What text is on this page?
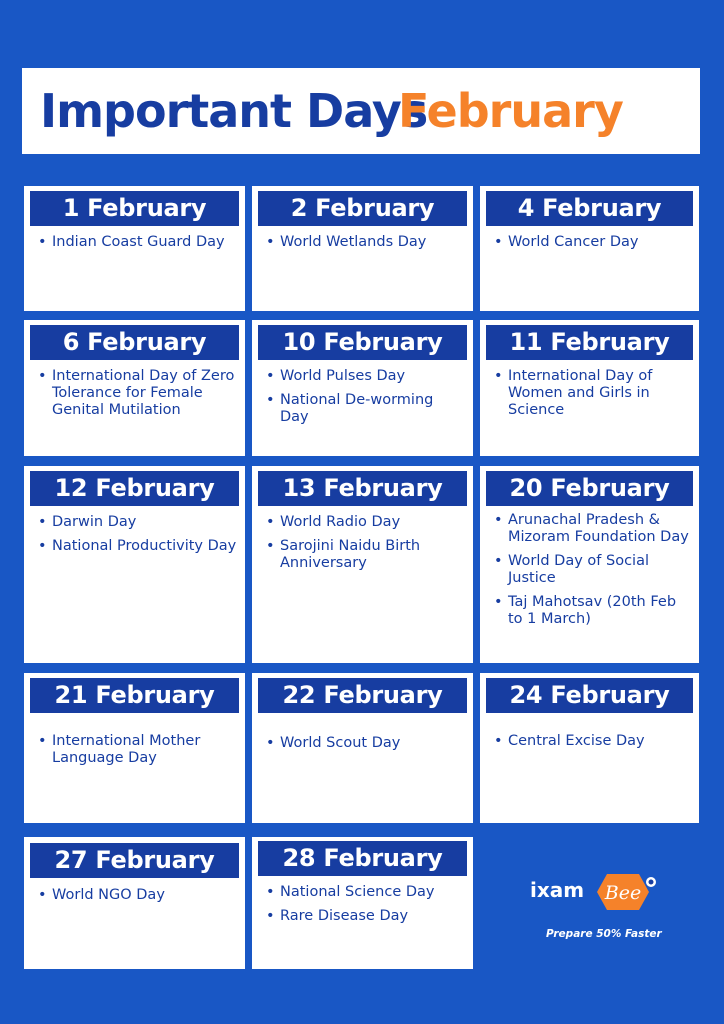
Important Days
February
1 February
• Indian Coast Guard Day
2 February
• World Wetlands Day
4 February
• World Cancer Day
6 February
• International Day of Zero Tolerance for Female Genital Mutilation
10 February
• World Pulses Day
• National De-worming Day
11 February
• International Day of Women and Girls in Science
12 February
• Darwin Day
• National Productivity Day
13 February
• World Radio Day
• Sarojini Naidu Birth Anniversary
20 February
• Arunachal Pradesh & Mizoram Foundation Day
• World Day of Social Justice
• Taj Mahotsav (20th Feb to 1 March)
21 February
• International Mother Language Day
22 February
• World Scout Day
24 February
• Central Excise Day
27 February
• World NGO Day
28 February
• National Science Day
• Rare Disease Day
ixam Bee
Prepare 50% Faster
